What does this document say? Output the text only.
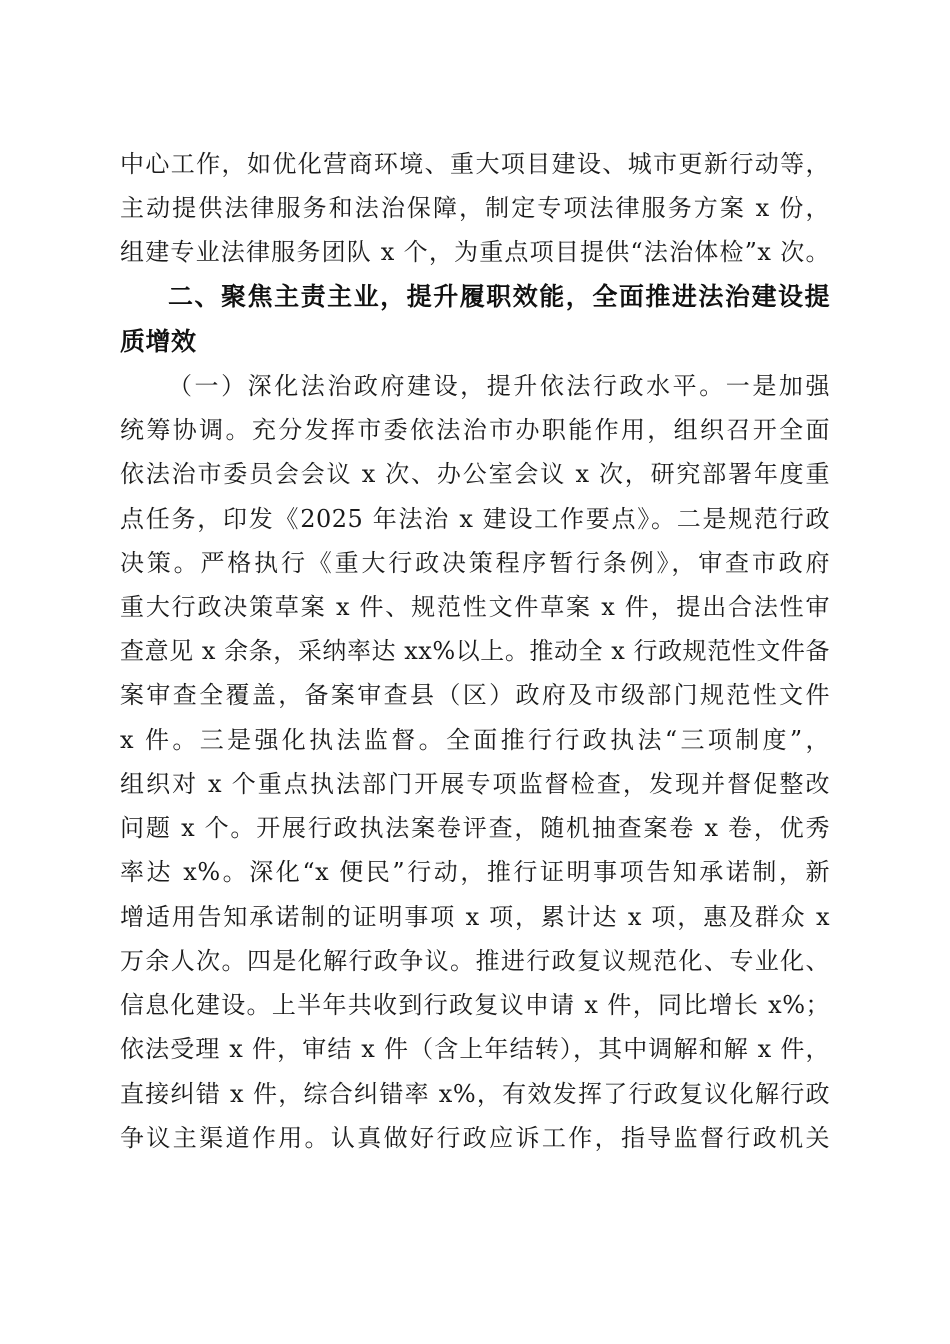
中心工作，如优化营商环境、重大项目建设、城市更新行动等，
主动提供法律服务和法治保障，制定专项法律服务方案 x 份，
组建专业法律服务团队 x 个，为重点项目提供“法治体检”x 次。
二、聚焦主责主业，提升履职效能，全面推进法治建设提
质增效
（一）深化法治政府建设，提升依法行政水平。一是加强
统筹协调。充分发挥市委依法治市办职能作用，组织召开全面
依法治市委员会会议 x 次、办公室会议 x 次，研究部署年度重
点任务，印发《2025 年法治 x 建设工作要点》。二是规范行政
决策。严格执行《重大行政决策程序暂行条例》，审查市政府
重大行政决策草案 x 件、规范性文件草案 x 件，提出合法性审
查意见 x 余条，采纳率达 xx%以上。推动全 x 行政规范性文件备
案审查全覆盖，备案审查县（区）政府及市级部门规范性文件
x 件。三是强化执法监督。全面推行行政执法“三项制度”，
组织对 x 个重点执法部门开展专项监督检查，发现并督促整改
问题 x 个。开展行政执法案卷评查，随机抽查案卷 x 卷，优秀
率达 x%。深化“x 便民”行动，推行证明事项告知承诺制，新
增适用告知承诺制的证明事项 x 项，累计达 x 项，惠及群众 x
万余人次。四是化解行政争议。推进行政复议规范化、专业化、
信息化建设。上半年共收到行政复议申请 x 件，同比增长 x%；
依法受理 x 件，审结 x 件（含上年结转），其中调解和解 x 件，
直接纠错 x 件，综合纠错率 x%，有效发挥了行政复议化解行政
争议主渠道作用。认真做好行政应诉工作，指导监督行政机关
